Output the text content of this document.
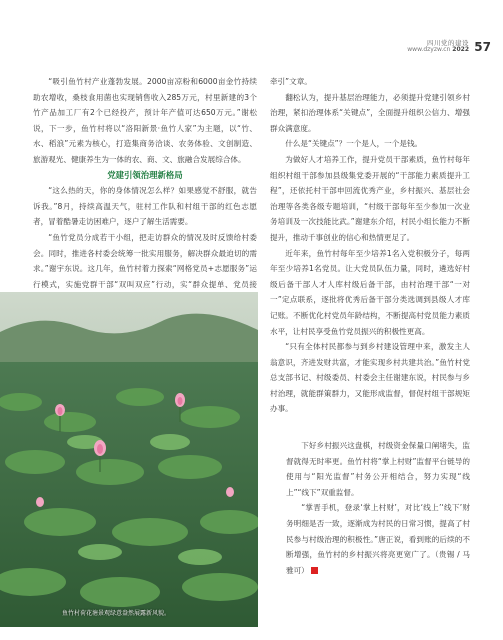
四川党的建设
www.dzyzw.cn 2022 57

“吸引鱼竹村产业蓬勃发展。2000亩凉粉和6000亩金竹持续助农增收，桑枝食用菌也实现销售收入285万元，村里新建的3个竹产品加工厂有2个已经投产，预计年产值可达650万元。”谢松说，下一步，鱼竹村将以“洛阳新景·鱼竹人家”为主题，以“竹、水、稻浪”元素为核心，打造集商务洽谈、农务体验、文创制造、旅游观光、健康养生为一体的农、商、文、旅融合发展综合体。

党建引领治理新格局

“这么热的天，你的身体情况怎么样？如果感觉不舒服，就告诉我。”8月，持续高温天气，驻村工作队和村组干部的红色志愿者，冒着酷暑走访困难户，逐户了解生活需要。

“鱼竹党员分成若干小组，把走访群众的情况及时反馈给村委会。同时，推进各村委会统筹一批实用服务，解决群众最迫切的需求。”谢宇东说。这几年，鱼竹村着力探索“网格党员+志愿服务”运行模式，实施党群干部“双叫双应”行动，实“群众提单、党员接

鱼竹村荷花塘景观绿意盎然展露新风貌。

牵引”文章。

翻松认为，提升基层治理能力，必须提升党建引领乡村治理，紧扣治理体系“关键点”，全面提升组织公信力、增强群众满意度。

什么是“关键点”？一个是人，一个是钱。

为做好人才培养工作，提升党员干部素质，鱼竹村每年组织村组干部参加县级集党委开展的“干部能力素质提升工程”，还依托村干部申回流优秀产业，乡村振兴、基层社会治理等各类各级专题培训，“村级干部每年至少参加一次业务培训及一次技能比武。”谢建东介绍，村民小组长能力不断提升，推动千事创业的信心和热情更足了。

近年来，鱼竹村每年至少培养1名入党积极分子，每两年至少培养1名党员。让大党员队伍力量，同时，遴选好村级后备干部人才人库村级后备干部，由村治理干部“一对一”定点联系，逐批将优秀后备干部分类选调到县级人才库记账。不断优化村党员年龄结构，不断提高村党员能力素质水平，让村民享受鱼竹党员振兴的积极性更高。

“只有全体村民都参与到乡村建设管理中来，激发主人翁意识，齐进发财共富，才能实现乡村共建共治。”鱼竹村党总支部书记、村级委员、村委会主任谢建东说，村民参与乡村治理，就能群策群力，又能形成监督，督促村组干部规矩办事。

下好乡村振兴这盘棋，村级资金保量口阐堵失，监督就得无时率更。鱼竹村将“掌上村财”监督平台链导的使用与“阳光监督”村务公开相结合，努力实现“线上”“线下”双重监督。

“掌晋手机，登录‘掌上村财’，对比‘线上’‘线下’财务明细是否一致，逐渐成为村民的日常习惯，提高了村民参与村级治理的积极性。”唐正说，看到账的后续的不断增强，鱼竹村的乡村振兴将亮更宽广了。（贵锡 / 马雅可）
